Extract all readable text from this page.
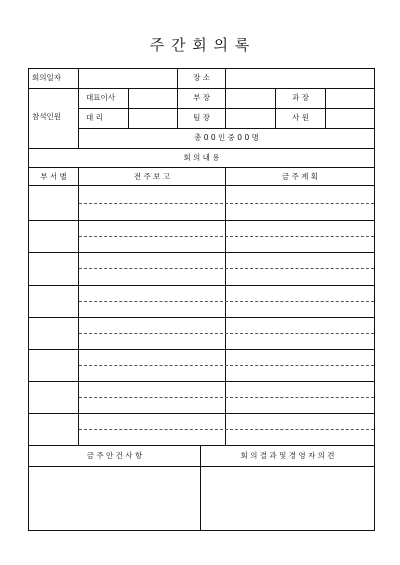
주 간 회 의 록
회의일자	장 소
참석인원
대표이사	부 장	과 장
대 리	팀 장	사 원
총 0 0 인 중 0 0 명
회 의 내 용
부 서 별	전 주 보 고	금 주 계 획
금 주 안 건 사 항	회 의 결 과 및 경 영 자 의 견
